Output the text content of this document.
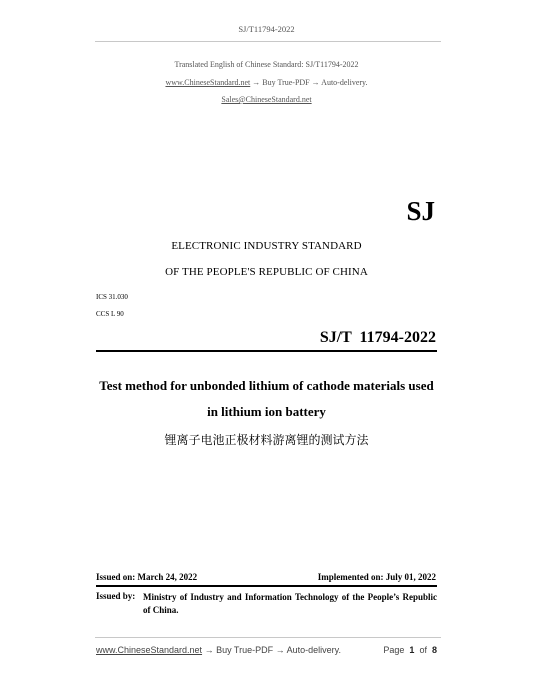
SJ/T11794-2022
Translated English of Chinese Standard: SJ/T11794-2022
www.ChineseStandard.net → Buy True-PDF → Auto-delivery.
Sales@ChineseStandard.net
SJ
ELECTRONIC INDUSTRY STANDARD
OF THE PEOPLE'S REPUBLIC OF CHINA
ICS 31.030
CCS L 90
SJ/T  11794-2022
Test method for unbonded lithium of cathode materials used
in lithium ion battery
锂离子电池正极材料游离锂的测试方法
Issued on: March 24, 2022	Implemented on: July 01, 2022
Issued by: Ministry of Industry and Information Technology of the People’s Republic of China.
www.ChineseStandard.net → Buy True-PDF → Auto-delivery.	Page 1 of 8
